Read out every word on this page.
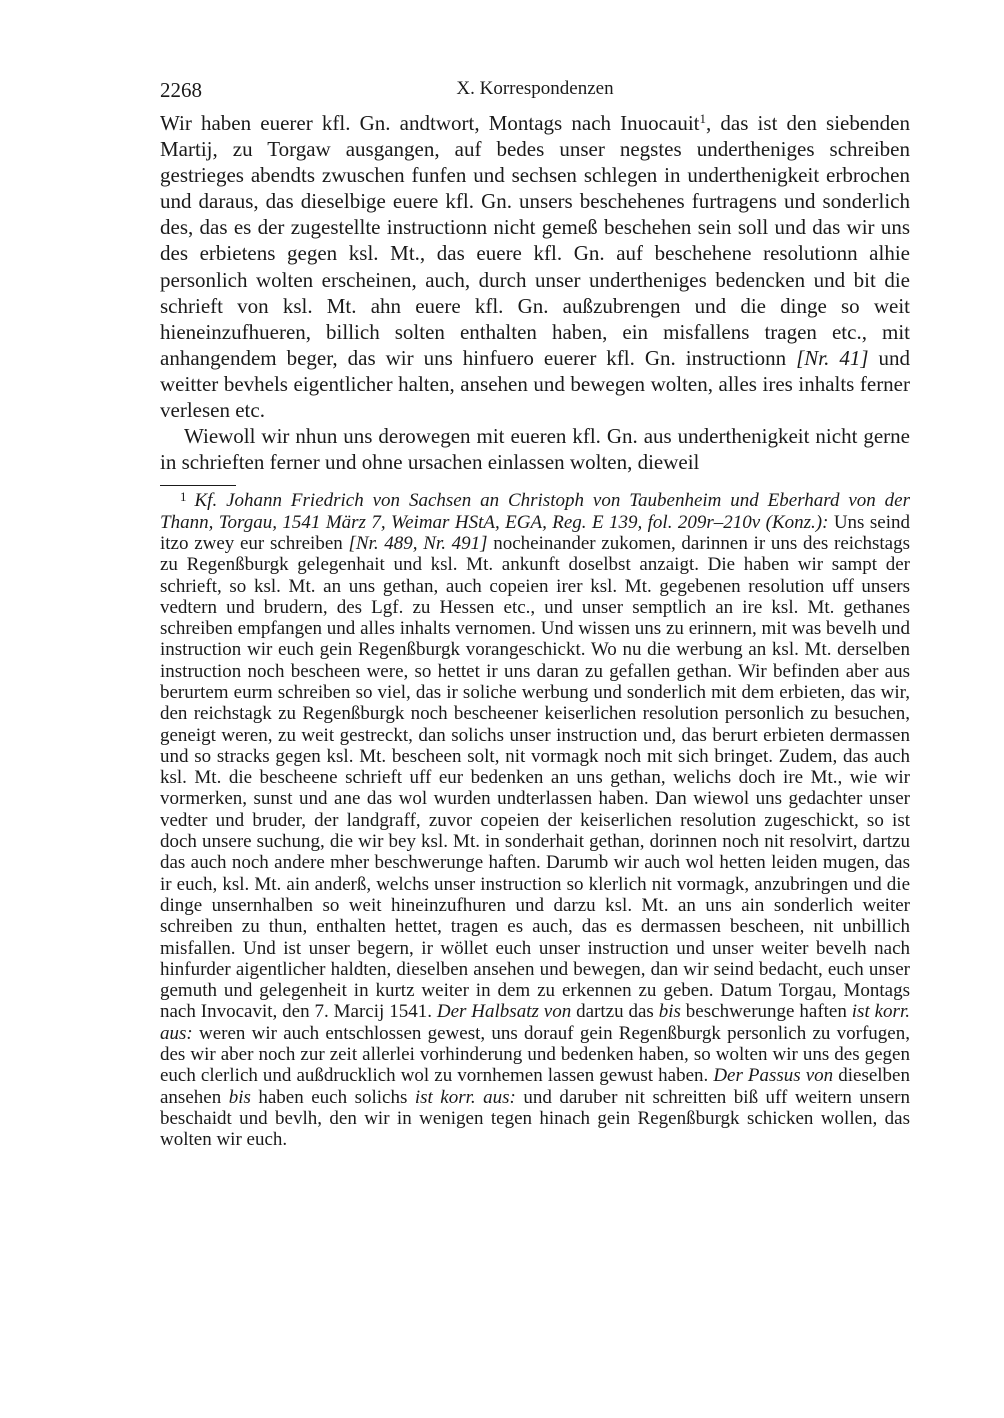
2268	X. Korrespondenzen

Wir haben euerer kfl. Gn. andtwort, Montags nach Inuocauit$^1$, das ist den siebenden Martij, zu Torgaw ausgangen, auf bedes unser negstes undertheniges schreiben gestrieges abendts zwuschen funfen und sechsen schlegen in underthenigkeit erbrochen und daraus, das dieselbige euere kfl. Gn. unsers beschehenes furtragens und sonderlich des, das es der zugestellte instructionn nicht gemeß beschehen sein soll und das wir uns des erbietens gegen ksl. Mt., das euere kfl. Gn. auf beschehene resolutionn alhie personlich wolten erscheinen, auch, durch unser undertheniges bedencken und bit die schrieft von ksl. Mt. ahn euere kfl. Gn. außzubrengen und die dinge so weit hieneinzufhueren, billich solten enthalten haben, ein misfallens tragen etc., mit anhangendem beger, das wir uns hinfuero euerer kfl. Gn. instructionn [Nr. 41] und weitter bevhels eigentlicher halten, ansehen und bewegen wolten, alles ires inhalts ferner verlesen etc.

Wiewoll wir nhun uns derowegen mit eueren kfl. Gn. aus underthenigkeit nicht gerne in schrieften ferner und ohne ursachen einlassen wolten, dieweil

$^1$ Kf. Johann Friedrich von Sachsen an Christoph von Taubenheim und Eberhard von der Thann, Torgau, 1541 März 7, Weimar HStA, EGA, Reg. E 139, fol. 209r–210v (Konz.): Uns seind itzo zwey eur schreiben [Nr. 489, Nr. 491] nocheinander zukomen, darinnen ir uns des reichstags zu Regenßburgk gelegenhait und ksl. Mt. ankunft doselbst anzaigt. Die haben wir sampt der schrieft, so ksl. Mt. an uns gethan, auch copeien irer ksl. Mt. gegebenen resolution uff unsers vedtern und brudern, des Lgf. zu Hessen etc., und unser semptlich an ire ksl. Mt. gethanes schreiben empfangen und alles inhalts vernomen. Und wissen uns zu erinnern, mit was bevelh und instruction wir euch gein Regenßburgk vorangeschickt. Wo nu die werbung an ksl. Mt. derselben instruction noch bescheen were, so hettet ir uns daran zu gefallen gethan. Wir befinden aber aus berurtem eurm schreiben so viel, das ir soliche werbung und sonderlich mit dem erbieten, das wir, den reichstagk zu Regenßburgk noch bescheener keiserlichen resolution personlich zu besuchen, geneigt weren, zu weit gestreckt, dan solichs unser instruction und, das berurt erbieten dermassen und so stracks gegen ksl. Mt. bescheen solt, nit vormagk noch mit sich bringet. Zudem, das auch ksl. Mt. die bescheene schrieft uff eur bedenken an uns gethan, welichs doch ire Mt., wie wir vormerken, sunst und ane das wol wurden undterlassen haben. Dan wiewol uns gedachter unser vedter und bruder, der landgraff, zuvor copeien der keiserlichen resolution zugeschickt, so ist doch unsere suchung, die wir bey ksl. Mt. in sonderhait gethan, dorinnen noch nit resolvirt, dartzu das auch noch andere mher beschwerunge haften. Darumb wir auch wol hetten leiden mugen, das ir euch, ksl. Mt. ain anderß, welchs unser instruction so klerlich nit vormagk, anzubringen und die dinge unsernhalben so weit hineinzufhuren und darzu ksl. Mt. an uns ain sonderlich weiter schreiben zu thun, enthalten hettet, tragen es auch, das es dermassen bescheen, nit unbillich misfallen. Und ist unser begern, ir wöllet euch unser instruction und unser weiter bevelh nach hinfurder aigentlicher haldten, dieselben ansehen und bewegen, dan wir seind bedacht, euch unser gemuth und gelegenheit in kurtz weiter in dem zu erkennen zu geben. Datum Torgau, Montags nach Invocavit, den 7. Marcij 1541. Der Halbsatz von dartzu das bis beschwerunge haften ist korr. aus: weren wir auch entschlossen gewest, uns dorauf gein Regenßburgk personlich zu vorfugen, des wir aber noch zur zeit allerlei vorhinderung und bedenken haben, so wolten wir uns des gegen euch clerlich und außdrucklich wol zu vornhemen lassen gewust haben. Der Passus von dieselben ansehen bis haben euch solichs ist korr. aus: und daruber nit schreitten biß uff weitern unsern beschaidt und bevlh, den wir in wenigen tegen hinach gein Regenßburgk schicken wollen, das wolten wir euch.
